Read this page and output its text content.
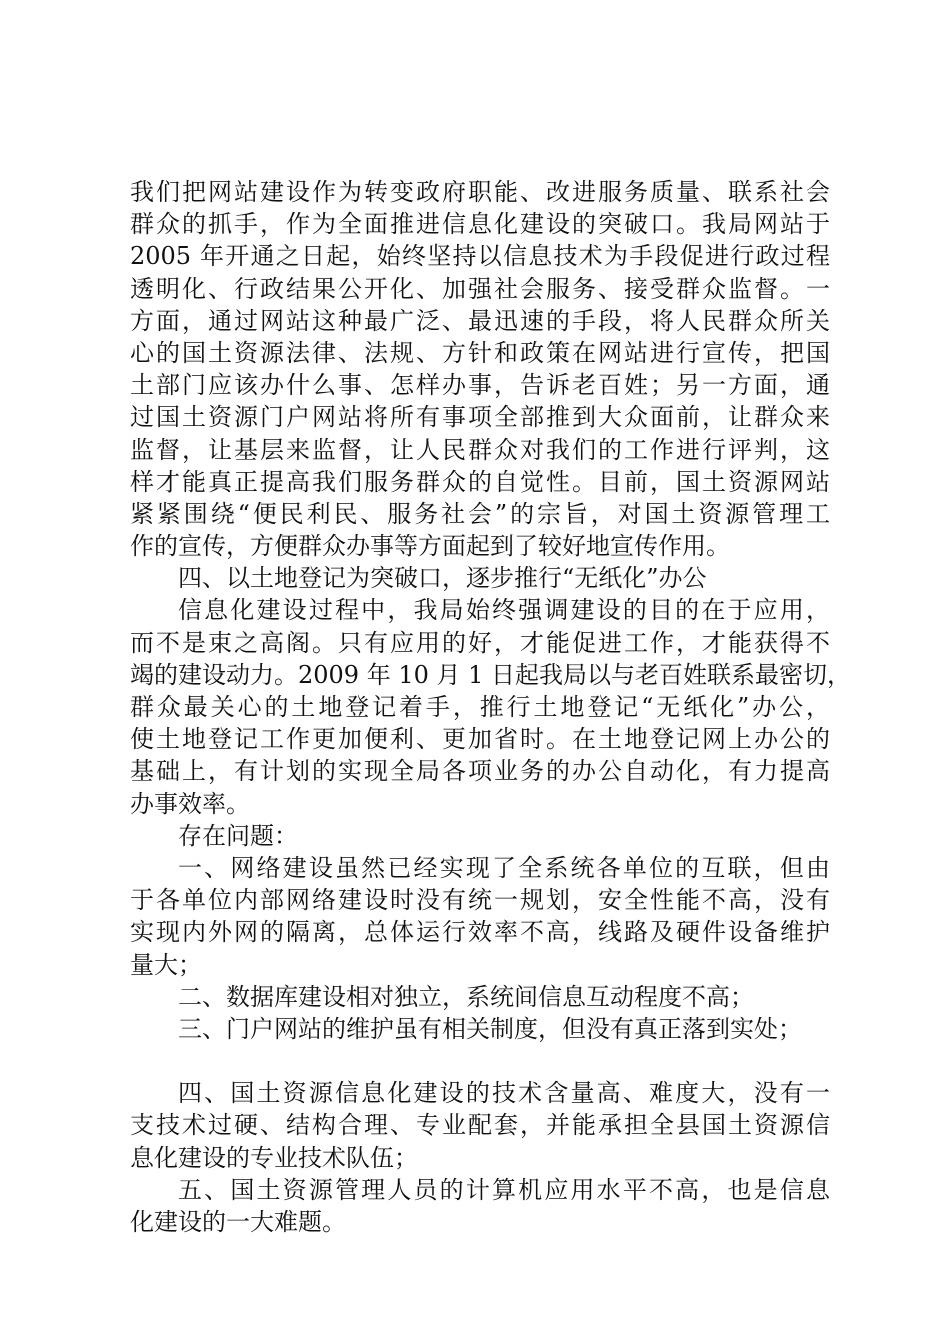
我们把网站建设作为转变政府职能、改进服务质量、联系社会
群众的抓手，作为全面推进信息化建设的突破口。我局网站于
2005 年开通之日起，始终坚持以信息技术为手段促进行政过程
透明化、行政结果公开化、加强社会服务、接受群众监督。一
方面，通过网站这种最广泛、最迅速的手段，将人民群众所关
心的国土资源法律、法规、方针和政策在网站进行宣传，把国
土部门应该办什么事、怎样办事，告诉老百姓；另一方面，通
过国土资源门户网站将所有事项全部推到大众面前，让群众来
监督，让基层来监督，让人民群众对我们的工作进行评判，这
样才能真正提高我们服务群众的自觉性。目前，国土资源网站
紧紧围绕“便民利民、服务社会”的宗旨，对国土资源管理工
作的宣传，方便群众办事等方面起到了较好地宣传作用。
四、以土地登记为突破口，逐步推行“无纸化”办公
信息化建设过程中，我局始终强调建设的目的在于应用，
而不是束之高阁。只有应用的好，才能促进工作，才能获得不
竭的建设动力。2009 年 10 月 1 日起我局以与老百姓联系最密切，
群众最关心的土地登记着手，推行土地登记“无纸化”办公，
使土地登记工作更加便利、更加省时。在土地登记网上办公的
基础上，有计划的实现全局各项业务的办公自动化，有力提高
办事效率。
存在问题：
一、网络建设虽然已经实现了全系统各单位的互联，但由
于各单位内部网络建设时没有统一规划，安全性能不高，没有
实现内外网的隔离，总体运行效率不高，线路及硬件设备维护
量大；
二、数据库建设相对独立，系统间信息互动程度不高；
三、门户网站的维护虽有相关制度，但没有真正落到实处；
四、国土资源信息化建设的技术含量高、难度大，没有一
支技术过硬、结构合理、专业配套，并能承担全县国土资源信
息化建设的专业技术队伍；
五、国土资源管理人员的计算机应用水平不高，也是信息
化建设的一大难题。
